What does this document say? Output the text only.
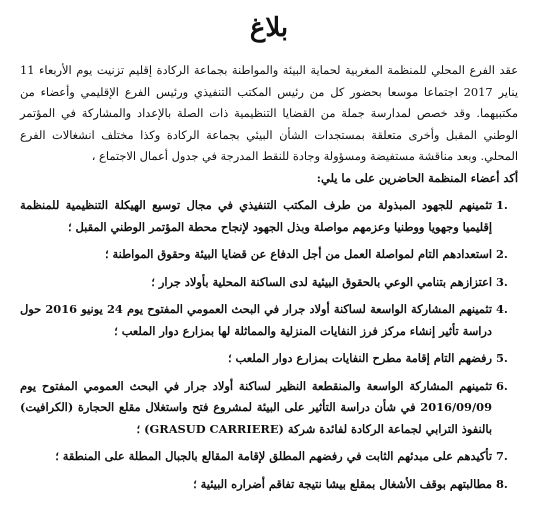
بلاغ

عقد الفرع المحلي للمنظمة المغربية لحماية البيئة والمواطنة بجماعة الركادة إقليم تزنيت يوم الأربعاء 11 يناير 2017 اجتماعا موسعا بحضور كل من رئيس المكتب التنفيذي ورئيس الفرع الإقليمي وأعضاء من مكتبيهما. وقد خصص لمدارسة جملة من القضايا التنظيمية ذات الصلة بالإعداد والمشاركة في المؤتمر الوطني المقبل وأخرى متعلقة بمستجدات الشأن البيئي بجماعة الركادة وكذا مختلف انشغالات الفرع المحلي. وبعد مناقشة مستفيضة ومسؤولة وجادة للنقط المدرجة في جدول أعمال الاجتماع ،

أكد أعضاء المنظمة الحاضرين على ما يلي:

1.
تثمينهم للجهود المبذولة من طرف المكتب التنفيذي في مجال توسيع الهيكلة التنظيمية للمنظمة إقليميا وجهويا ووطنيا وعزمهم مواصلة وبذل الجهود لإنجاح محطة المؤتمر الوطني المقبل ؛
2.
استعدادهم التام لمواصلة العمل من أجل الدفاع عن قضايا البيئة وحقوق المواطنة ؛
3.
اعتزازهم بتنامي الوعي بالحقوق البيئية لدى الساكنة المحلية بأولاد جرار ؛
4.
تثمينهم المشاركة الواسعة لساكنة أولاد جرار في البحث العمومي المفتوح يوم 24 يونيو 2016 حول دراسة تأثير إنشاء مركز فرز النفايات المنزلية والمماثلة لها بمزارع دوار الملعب ؛
5.
رفضهم التام إقامة مطرح النفايات بمزارع دوار الملعب ؛
6.
تثمينهم المشاركة الواسعة والمنقطعة النظير لساكنة أولاد جرار في البحث العمومي المفتوح يوم 2016/09/09 في شأن دراسة التأثير على البيئة لمشروع فتح واستغلال مقلع الحجارة (الكرافيت) بالنفوذ الترابي لجماعة الركادة لفائدة شركة (GRASUD CARRIERE) ؛
7.
تأكيدهم على مبدئهم الثابت في رفضهم المطلق لإقامة المقالع بالجبال المطلة على المنطقة ؛
8.
مطالبتهم بوقف الأشغال بمقلع بيشا نتيجة تفاقم أضراره البيئية ؛
